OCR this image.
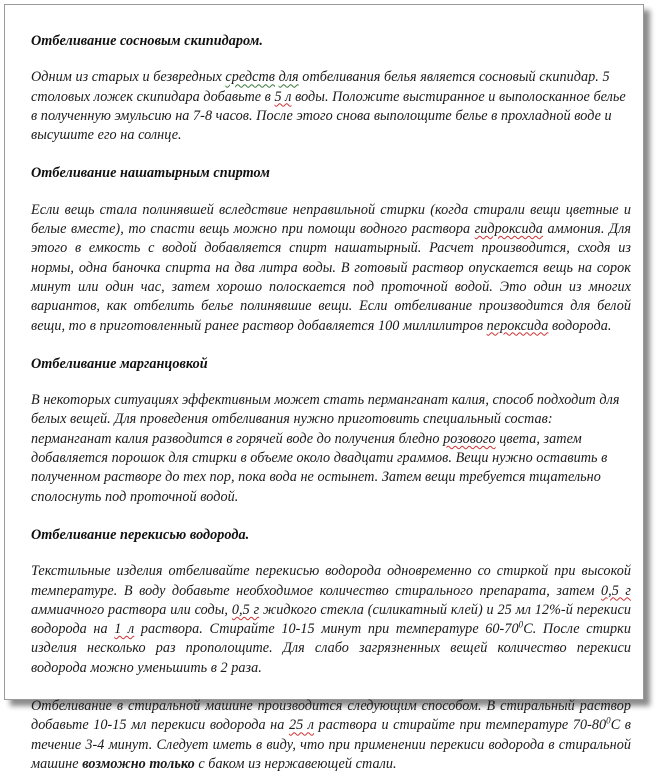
Отбеливание сосновым скипидаром.

Одним из старых и безвредных средств для отбеливания белья является сосновый скипидар. 5 столовых ложек скипидара добавьте в 5 л воды. Положите выстиранное и выполосканное белье в полученную эмульсию на 7-8 часов. После этого снова выполощите белье в прохладной воде и высушите его на солнце.

Отбеливание нашатырным спиртом

Если вещь стала полинявшей вследствие неправильной стирки (когда стирали вещи цветные и белые вместе), то спасти вещь можно при помощи водного раствора гидроксида аммония. Для этого в емкость с водой добавляется спирт нашатырный. Расчет производится, сходя из нормы, одна баночка спирта на два литра воды. В готовый раствор опускается вещь на сорок минут или один час, затем хорошо полоскается под проточной водой. Это один из многих вариантов, как отбелить белье полинявшие вещи. Если отбеливание производится для белой вещи, то в приготовленный ранее раствор добавляется 100 миллилитров пероксида водорода.

Отбеливание марганцовкой

В некоторых ситуациях эффективным может стать перманганат калия, способ подходит для белых вещей. Для проведения отбеливания нужно приготовить специальный состав: перманганат калия разводится в горячей воде до получения бледно розового цвета, затем добавляется порошок для стирки в объеме около двадцати граммов. Вещи нужно оставить в полученном растворе до тех пор, пока вода не остынет. Затем вещи требуется тщательно сполоснуть под проточной водой.

Отбеливание перекисью водорода.

Текстильные изделия отбеливайте перекисью водорода одновременно со стиркой при высокой температуре. В воду добавьте необходимое количество стирального препарата, затем 0,5 г аммиачного раствора или соды, 0,5 г жидкого стекла (силикатный клей) и 25 мл 12%-й перекиси водорода на 1 л раствора. Стирайте 10-15 минут при температуре $60-70^0С$. После стирки изделия несколько раз прополощите. Для слабо загрязненных вещей количество перекиси водорода можно уменьшить в 2 раза.

Отбеливание в стиральной машине производится следующим способом. В стиральный раствор добавьте 10-15 мл перекиси водорода на 25 л раствора и стирайте при температуре $70-80^0С$ в течение 3-4 минут. Следует иметь в виду, что при применении перекиси водорода в стиральной машине возможно только с баком из нержавеющей стали.
